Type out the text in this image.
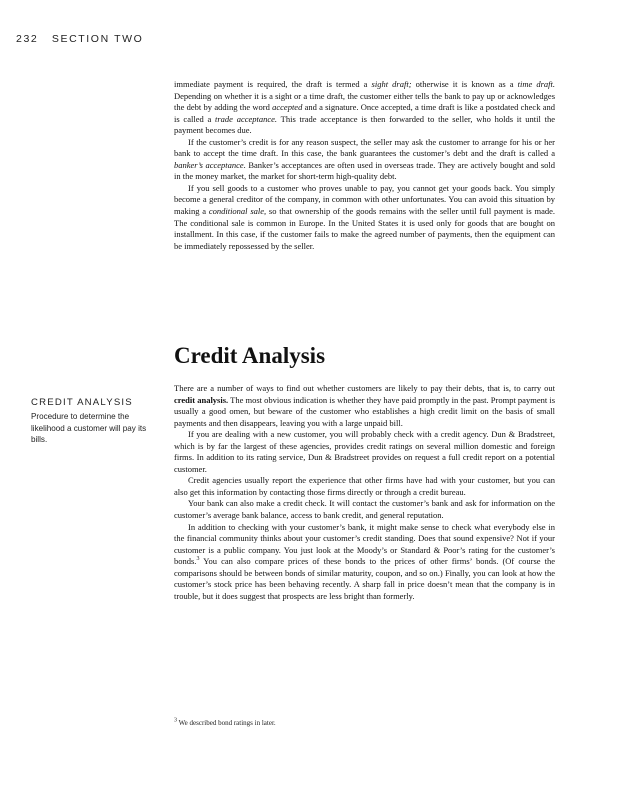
232 SECTION TWO

immediate payment is required, the draft is termed a sight draft; otherwise it is known as a time draft. Depending on whether it is a sight or a time draft, the customer either tells the bank to pay up or acknowledges the debt by adding the word accepted and a signature. Once accepted, a time draft is like a postdated check and is called a trade acceptance. This trade acceptance is then forwarded to the seller, who holds it until the payment becomes due.

If the customer’s credit is for any reason suspect, the seller may ask the customer to arrange for his or her bank to accept the time draft. In this case, the bank guarantees the customer’s debt and the draft is called a banker’s acceptance. Banker’s acceptances are often used in overseas trade. They are actively bought and sold in the money market, the market for short-term high-quality debt.

If you sell goods to a customer who proves unable to pay, you cannot get your goods back. You simply become a general creditor of the company, in common with other unfortunates. You can avoid this situation by making a conditional sale, so that ownership of the goods remains with the seller until full payment is made. The conditional sale is common in Europe. In the United States it is used only for goods that are bought on installment. In this case, if the customer fails to make the agreed number of payments, then the equipment can be immediately repossessed by the seller.

Credit Analysis
CREDIT ANALYSIS
Procedure to determine the likelihood a customer will pay its bills.

There are a number of ways to find out whether customers are likely to pay their debts, that is, to carry out credit analysis. The most obvious indication is whether they have paid promptly in the past. Prompt payment is usually a good omen, but beware of the customer who establishes a high credit limit on the basis of small payments and then disappears, leaving you with a large unpaid bill.

If you are dealing with a new customer, you will probably check with a credit agency. Dun & Bradstreet, which is by far the largest of these agencies, provides credit ratings on several million domestic and foreign firms. In addition to its rating service, Dun & Bradstreet provides on request a full credit report on a potential customer.

Credit agencies usually report the experience that other firms have had with your customer, but you can also get this information by contacting those firms directly or through a credit bureau.

Your bank can also make a credit check. It will contact the customer’s bank and ask for information on the customer’s average bank balance, access to bank credit, and general reputation.

In addition to checking with your customer’s bank, it might make sense to check what everybody else in the financial community thinks about your customer’s credit standing. Does that sound expensive? Not if your customer is a public company. You just look at the Moody’s or Standard & Poor’s rating for the customer’s bonds.$^3$ You can also compare prices of these bonds to the prices of other firms’ bonds. (Of course the comparisons should be between bonds of similar maturity, coupon, and so on.) Finally, you can look at how the customer’s stock price has been behaving recently. A sharp fall in price doesn’t mean that the company is in trouble, but it does suggest that prospects are less bright than formerly.

$^3$ We described bond ratings in later.
